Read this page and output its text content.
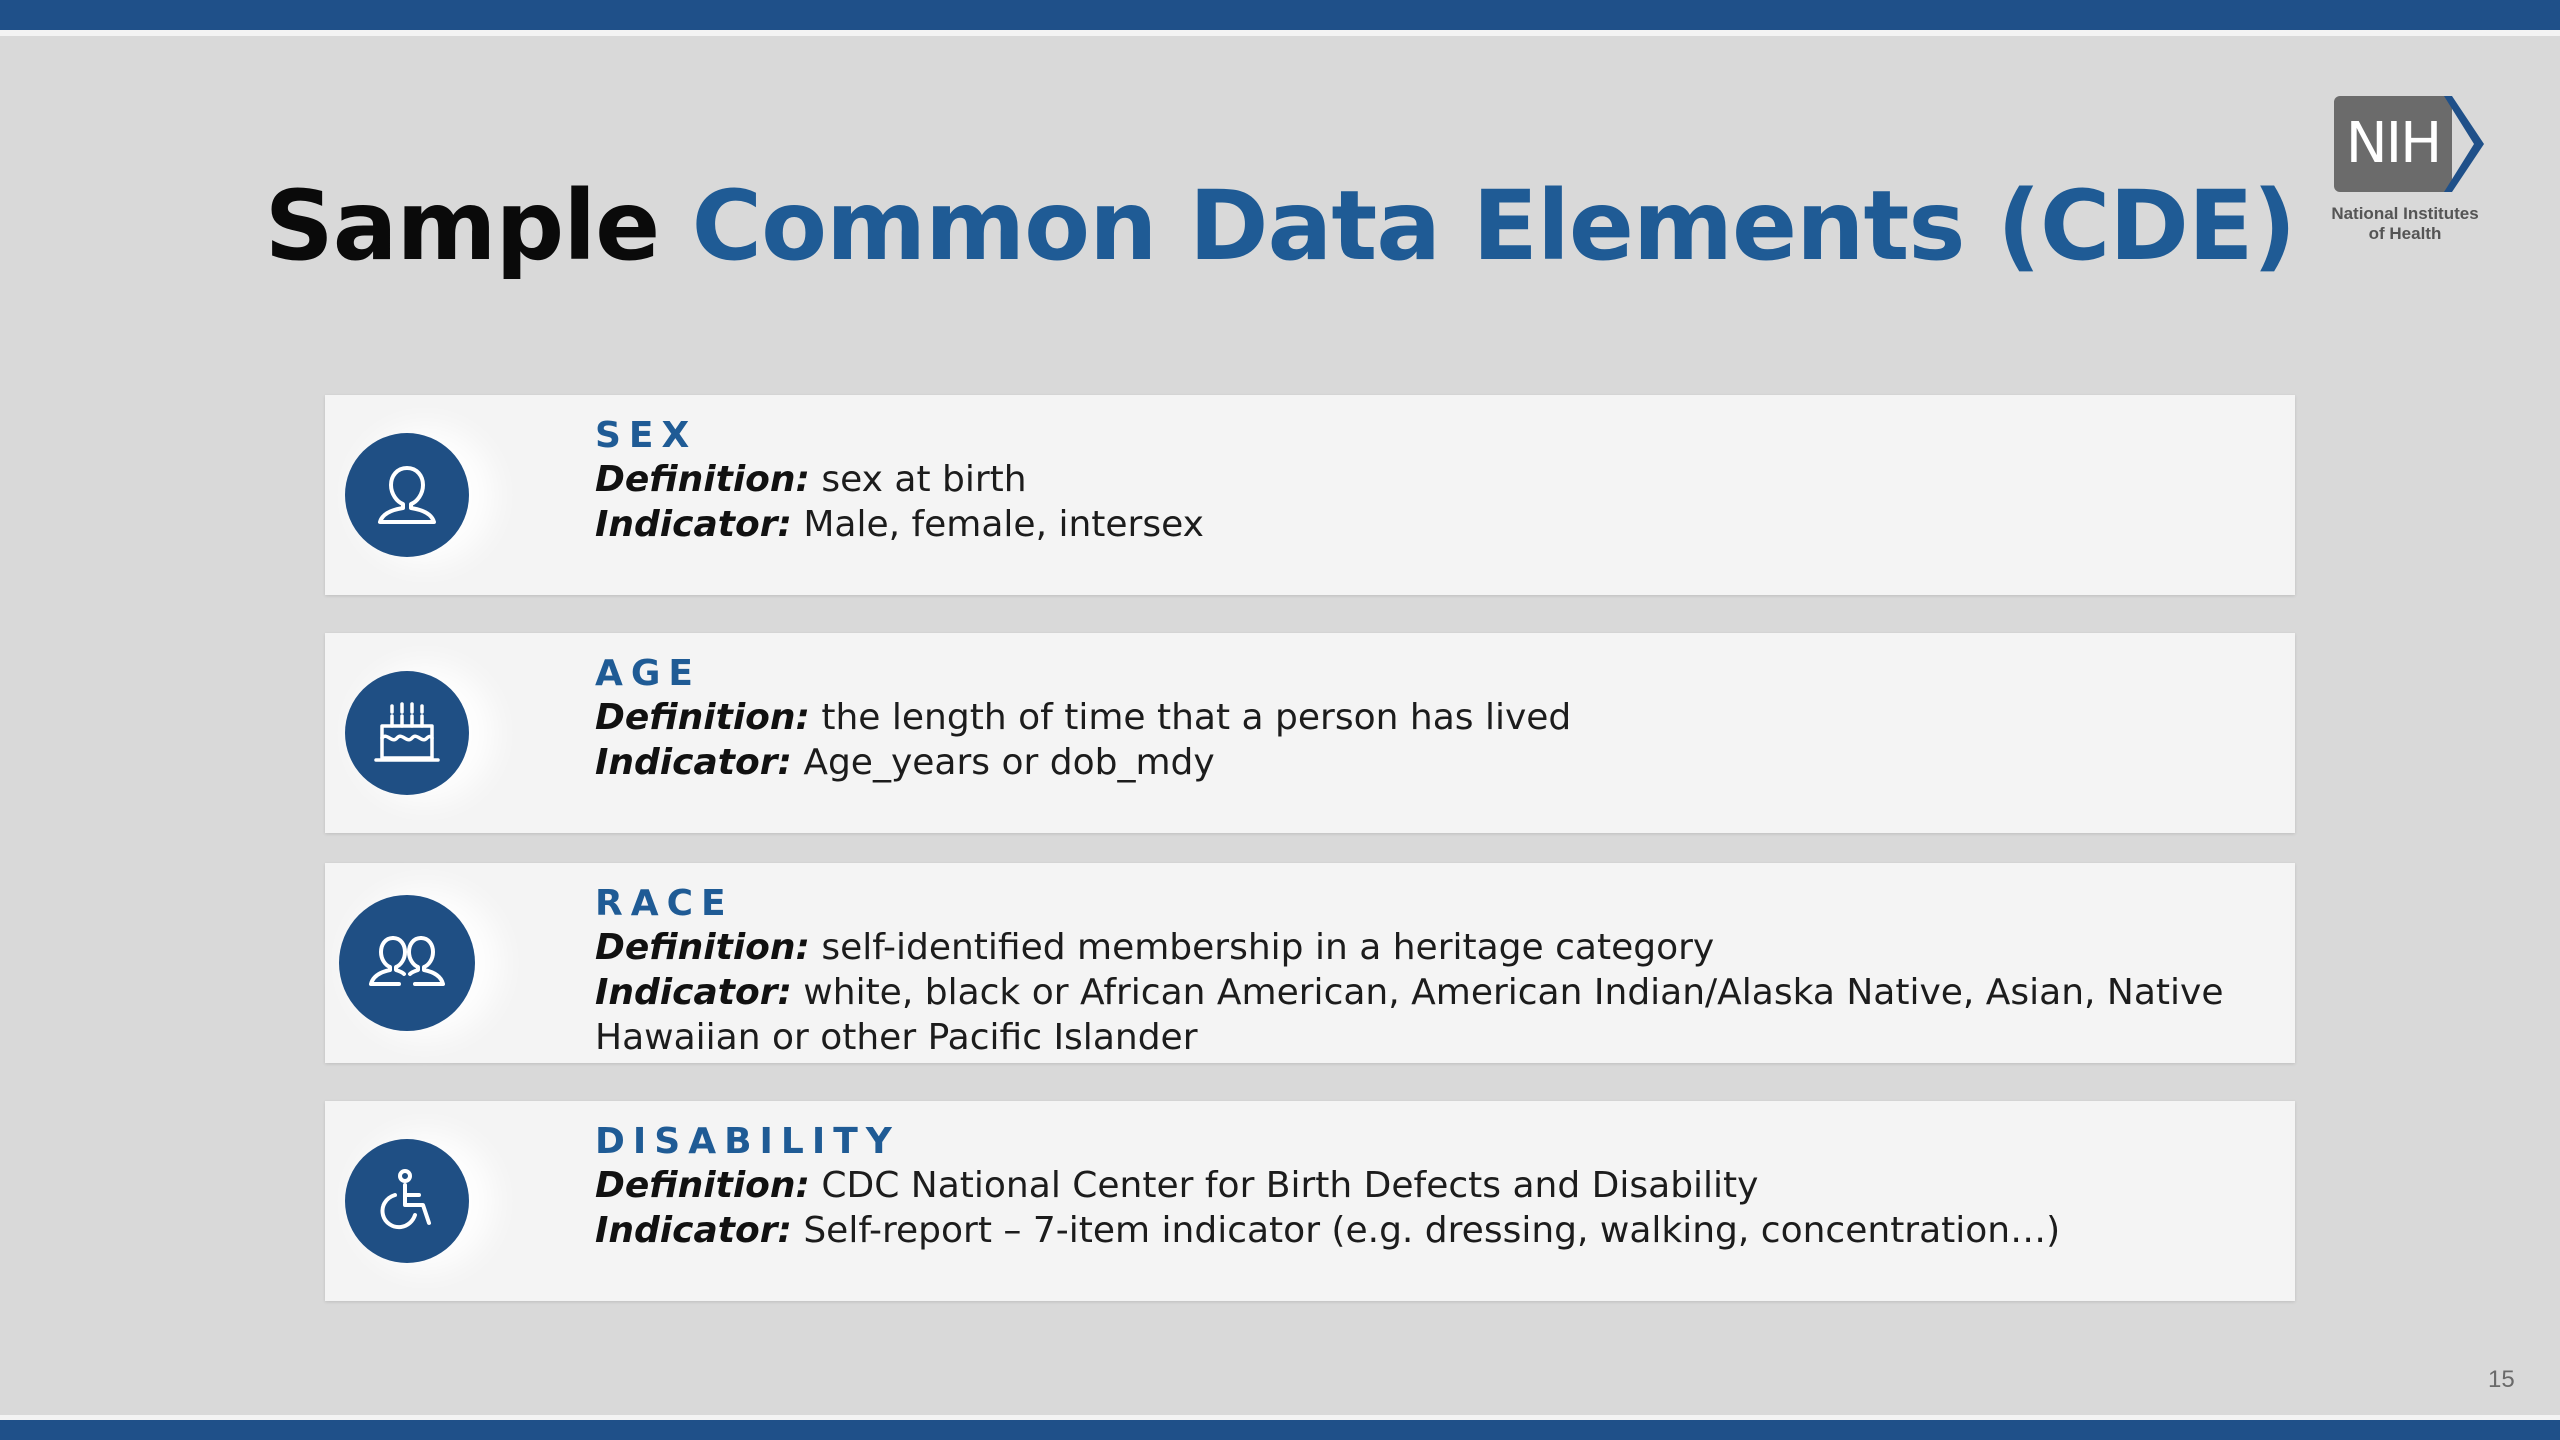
Sample Common Data Elements (CDE)
NIH
National Institutes
of Health
SEX
Definition: sex at birth
Indicator: Male, female, intersex
AGE
Definition: the length of time that a person has lived
Indicator: Age_years or dob_mdy
RACE
Definition: self-identified membership in a heritage category
Indicator: white, black or African American, American Indian/Alaska Native, Asian, Native Hawaiian or other Pacific Islander
DISABILITY
Definition: CDC National Center for Birth Defects and Disability
Indicator: Self-report – 7-item indicator (e.g. dressing, walking, concentration…)
15
